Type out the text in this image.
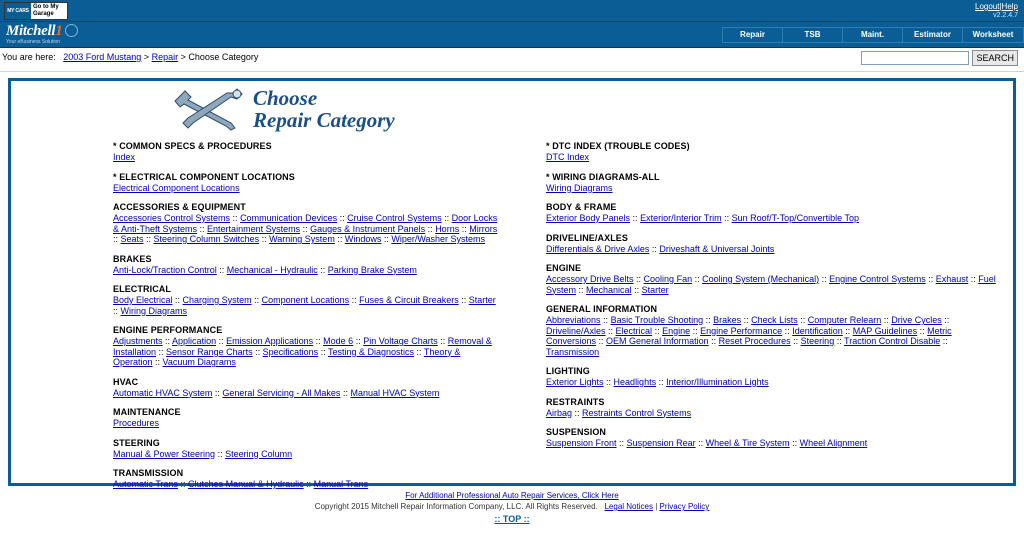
MY CARS
Go to My
Garage
Logout|Help
v2.2.4.7
Mitchell1
Your eBusiness Solution
Repair	TSB	Maint.	Estimator	Worksheet
You are here: 2003 Ford Mustang > Repair > Choose Category	SEARCH
Choose
Repair Category
* COMMON SPECS & PROCEDURES
Index
* ELECTRICAL COMPONENT LOCATIONS
Electrical Component Locations
ACCESSORIES & EQUIPMENT
Accessories Control Systems :: Communication Devices :: Cruise Control Systems :: Door Locks & Anti-Theft Systems :: Entertainment Systems :: Gauges & Instrument Panels :: Horns :: Mirrors :: Seats :: Steering Column Switches :: Warning System :: Windows :: Wiper/Washer Systems
BRAKES
Anti-Lock/Traction Control :: Mechanical - Hydraulic :: Parking Brake System
ELECTRICAL
Body Electrical :: Charging System :: Component Locations :: Fuses & Circuit Breakers :: Starter :: Wiring Diagrams
ENGINE PERFORMANCE
Adjustments :: Application :: Emission Applications :: Mode 6 :: Pin Voltage Charts :: Removal & Installation :: Sensor Range Charts :: Specifications :: Testing & Diagnostics :: Theory & Operation :: Vacuum Diagrams
HVAC
Automatic HVAC System :: General Servicing - All Makes :: Manual HVAC System
MAINTENANCE
Procedures
STEERING
Manual & Power Steering :: Steering Column
TRANSMISSION
Automatic Trans :: Clutches Manual & Hydraulic :: Manual Trans
* DTC INDEX (TROUBLE CODES)
DTC Index
* WIRING DIAGRAMS-ALL
Wiring Diagrams
BODY & FRAME
Exterior Body Panels :: Exterior/Interior Trim :: Sun Roof/T-Top/Convertible Top
DRIVELINE/AXLES
Differentials & Drive Axles :: Driveshaft & Universal Joints
ENGINE
Accessory Drive Belts :: Cooling Fan :: Cooling System (Mechanical) :: Engine Control Systems :: Exhaust :: Fuel System :: Mechanical :: Starter
GENERAL INFORMATION
Abbreviations :: Basic Trouble Shooting :: Brakes :: Check Lists :: Computer Relearn :: Drive Cycles :: Driveline/Axles :: Electrical :: Engine :: Engine Performance :: Identification :: MAP Guidelines :: Metric Conversions :: OEM General Information :: Reset Procedures :: Steering :: Traction Control Disable :: Transmission
LIGHTING
Exterior Lights :: Headlights :: Interior/Illumination Lights
RESTRAINTS
Airbag :: Restraints Control Systems
SUSPENSION
Suspension Front :: Suspension Rear :: Wheel & Tire System :: Wheel Alignment
For Additional Professional Auto Repair Services, Click Here
Copyright 2015 Mitchell Repair Information Company, LLC. All Rights Reserved. Legal Notices | Privacy Policy
:: TOP ::
